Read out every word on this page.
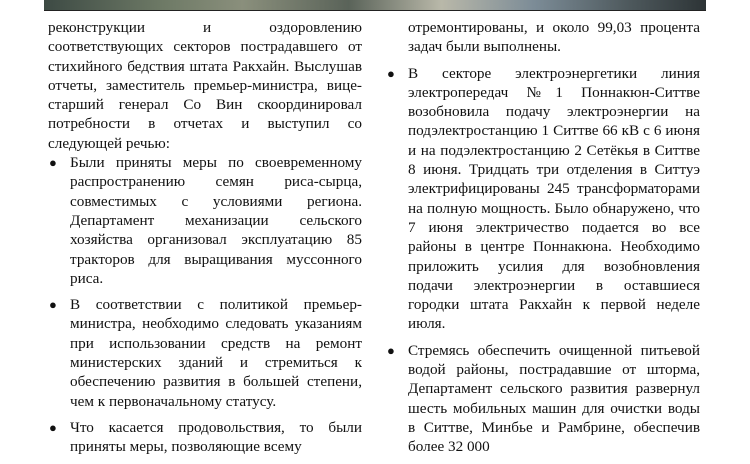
реконструкции и оздоровлению соответствующих секторов пострадавшего от стихийного бедствия штата Ракхайн. Выслушав отчеты, заместитель премьер-министра, вице-старший генерал Со Вин скоординировал потребности в отчетах и выступил со следующей речью:

● Были приняты меры по своевременному распространению семян риса-сырца, совместимых с условиями региона. Департамент механизации сельского хозяйства организовал эксплуатацию 85 тракторов для выращивания муссонного риса.
● В соответствии с политикой премьер-министра, необходимо следовать указаниям при использовании средств на ремонт министерских зданий и стремиться к обеспечению развития в большей степени, чем к первоначальному статусу.
● Что касается продовольствия, то были приняты меры, позволяющие всему

отремонтированы, и около 99,03 процента задач были выполнены.

● В секторе электроэнергетики линия электропередач №1 Поннакюн-Ситтве возобновила подачу электроэнергии на подэлектростанцию 1 Ситтве 66 кВ с 6 июня и на подэлектростанцию 2 Сетёкья в Ситтве 8 июня. Тридцать три отделения в Ситтуэ электрифицированы 245 трансформаторами на полную мощность. Было обнаружено, что 7 июня электричество подается во все районы в центре Поннакюна. Необходимо приложить усилия для возобновления подачи электроэнергии в оставшиеся городки штата Ракхайн к первой неделе июля.
● Стремясь обеспечить очищенной питьевой водой районы, пострадавшие от шторма, Департамент сельского развития развернул шесть мобильных машин для очистки воды в Ситтве, Минбье и Рамбрине, обеспечив более 32 000
